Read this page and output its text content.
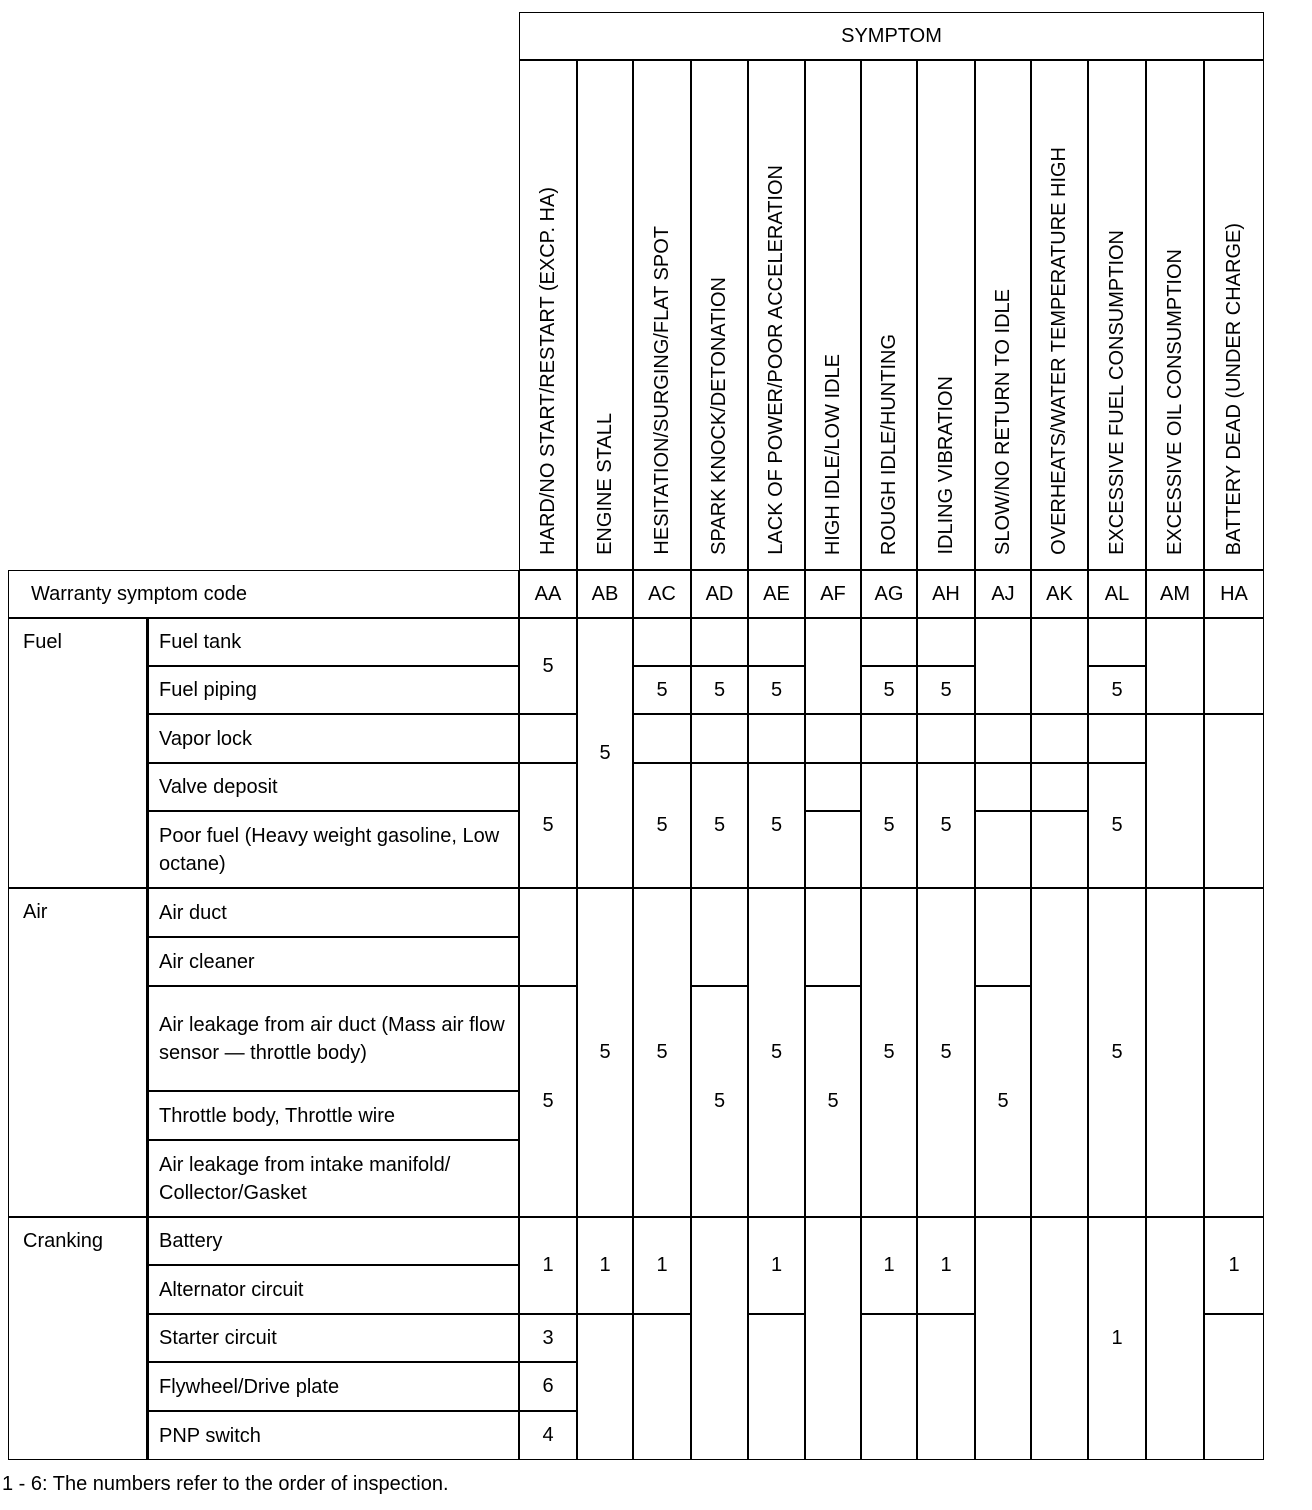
SYMPTOM
Warranty symptom code
HARD/NO START/RESTART (EXCP. HA)
AA
5
5
5
1
3
6
4
ENGINE STALL
AB
5
5
1
HESITATION/SURGING/FLAT SPOT
AC
5
5
5
1
SPARK KNOCK/DETONATION
AD
5
5
5
LACK OF POWER/POOR ACCELERATION
AE
5
5
5
1
HIGH IDLE/LOW IDLE
AF
5
ROUGH IDLE/HUNTING
AG
5
5
5
1
IDLING VIBRATION
AH
5
5
5
1
SLOW/NO RETURN TO IDLE
AJ
5
OVERHEATS/WATER TEMPERATURE HIGH
AK
EXCESSIVE FUEL CONSUMPTION
AL
5
5
5
1
EXCESSIVE OIL CONSUMPTION
AM
BATTERY DEAD (UNDER CHARGE)
HA
1
Fuel
Air
Cranking
Fuel tank
Fuel piping
Vapor lock
Valve deposit
Poor fuel (Heavy weight gasoline, Low octane)
Air duct
Air cleaner
Air leakage from air duct (Mass air flow sensor — throttle body)
Throttle body, Throttle wire
Air leakage from intake manifold/ Collector/Gasket
Battery
Alternator circuit
Starter circuit
Flywheel/Drive plate
PNP switch
1 - 6: The numbers refer to the order of inspection.
